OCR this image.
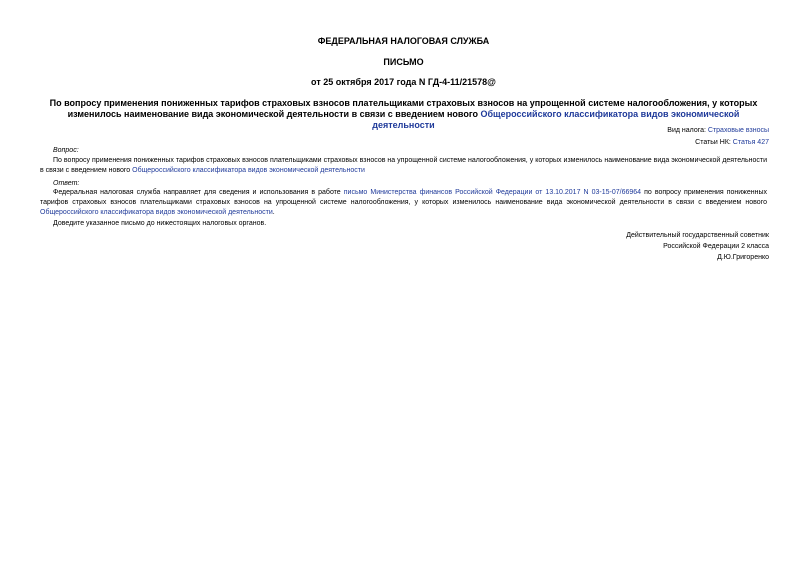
ФЕДЕРАЛЬНАЯ НАЛОГОВАЯ СЛУЖБА
ПИСЬМО
от 25 октября 2017 года N ГД-4-11/21578@
По вопросу применения пониженных тарифов страховых взносов плательщиками страховых взносов на упрощенной системе налогообложения, у которых изменилось наименование вида экономической деятельности в связи с введением нового Общероссийского классификатора видов экономической деятельности
Вид налога: Страховые взносы
Статьи НК: Статья 427
Вопрос:
По вопросу применения пониженных тарифов страховых взносов плательщиками страховых взносов на упрощенной системе налогообложения, у которых изменилось наименование вида экономической деятельности в связи с введением нового Общероссийского классификатора видов экономической деятельности
Ответ:
Федеральная налоговая служба направляет для сведения и использования в работе письмо Министерства финансов Российской Федерации от 13.10.2017 N 03-15-07/66964 по вопросу применения пониженных тарифов страховых взносов плательщиками страховых взносов на упрощенной системе налогообложения, у которых изменилось наименование вида экономической деятельности в связи с введением нового Общероссийского классификатора видов экономической деятельности.
Доведите указанное письмо до нижестоящих налоговых органов.
Действительный государственный советник
Российской Федерации 2 класса
Д.Ю.Григоренко
